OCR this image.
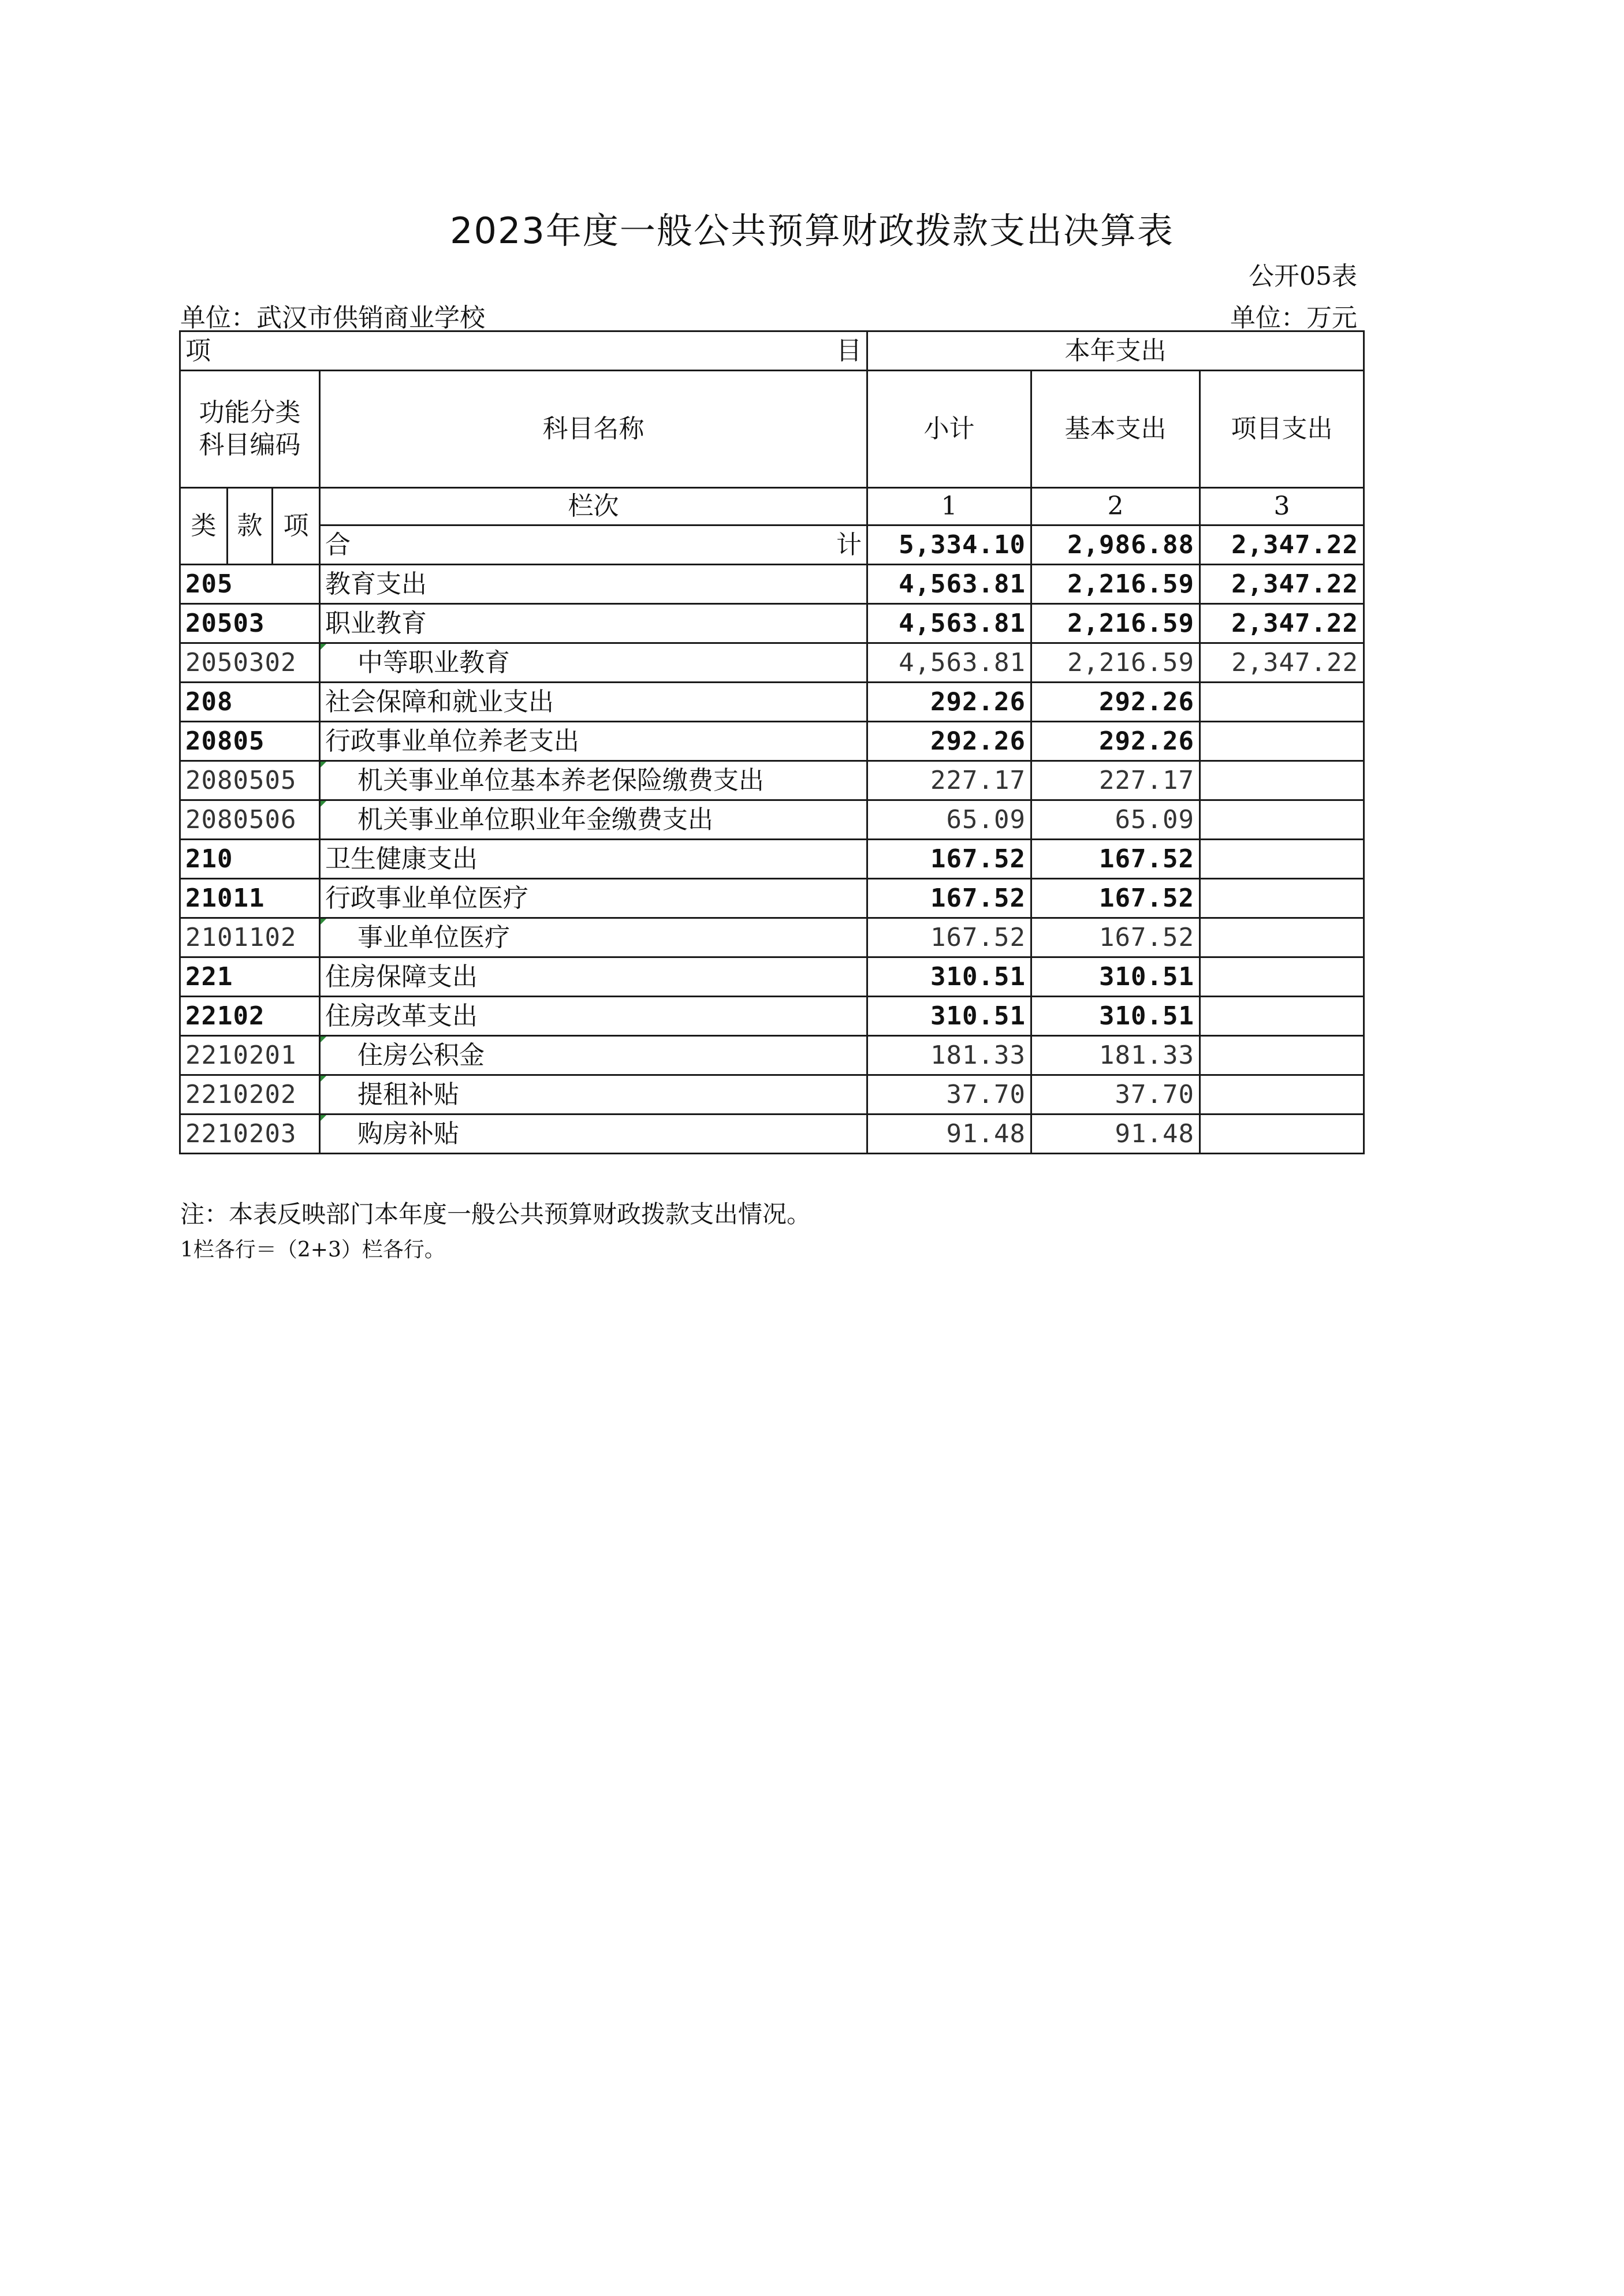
2023年度一般公共预算财政拨款支出决算表
公开05表
单位：武汉市供销商业学校	单位：万元
项 目				本年支出		
功能分类
科目编码			科目名称	小计	基本支出	项目支出
类	款	项	栏次	1	2	3

			合 计	5,334.10	2,986.88	2,347.22
205			教育支出	4,563.81	2,216.59	2,347.22
20503			职业教育	4,563.81	2,216.59	2,347.22
2050302			中等职业教育	4,563.81	2,216.59	2,347.22
208			社会保障和就业支出	292.26	292.26	
20805			行政事业单位养老支出	292.26	292.26	
2080505			机关事业单位基本养老保险缴费支出	227.17	227.17	
2080506			机关事业单位职业年金缴费支出	65.09	65.09	
210			卫生健康支出	167.52	167.52	
21011			行政事业单位医疗	167.52	167.52	
2101102			事业单位医疗	167.52	167.52	
221			住房保障支出	310.51	310.51	
22102			住房改革支出	310.51	310.51	
2210201			住房公积金	181.33	181.33	
2210202			提租补贴	37.70	37.70	
2210203			购房补贴	91.48	91.48	
注：本表反映部门本年度一般公共预算财政拨款支出情况。
1栏各行＝（2+3）栏各行。
